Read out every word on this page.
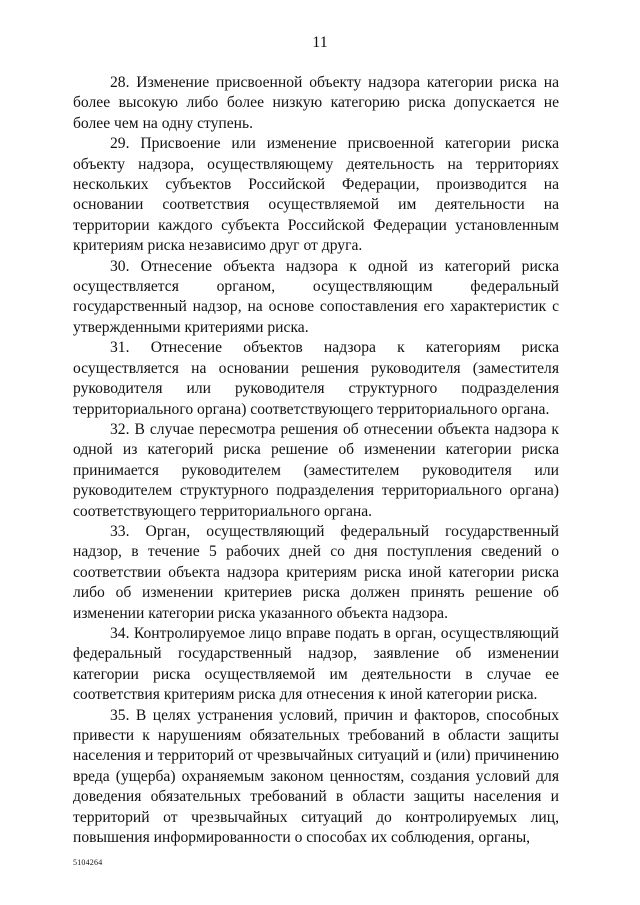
11

28. Изменение присвоенной объекту надзора категории риска на более высокую либо более низкую категорию риска допускается не более чем на одну ступень.

29. Присвоение или изменение присвоенной категории риска объекту надзора, осуществляющему деятельность на территориях нескольких субъектов Российской Федерации, производится на основании соответствия осуществляемой им деятельности на территории каждого субъекта Российской Федерации установленным критериям риска независимо друг от друга.

30. Отнесение объекта надзора к одной из категорий риска осуществляется органом, осуществляющим федеральный государственный надзор, на основе сопоставления его характеристик с утвержденными критериями риска.

31. Отнесение объектов надзора к категориям риска осуществляется на основании решения руководителя (заместителя руководителя или руководителя структурного подразделения территориального органа) соответствующего территориального органа.

32. В случае пересмотра решения об отнесении объекта надзора к одной из категорий риска решение об изменении категории риска принимается руководителем (заместителем руководителя или руководителем структурного подразделения территориального органа) соответствующего территориального органа.

33. Орган, осуществляющий федеральный государственный надзор, в течение 5 рабочих дней со дня поступления сведений о соответствии объекта надзора критериям риска иной категории риска либо об изменении критериев риска должен принять решение об изменении категории риска указанного объекта надзора.

34. Контролируемое лицо вправе подать в орган, осуществляющий федеральный государственный надзор, заявление об изменении категории риска осуществляемой им деятельности в случае ее соответствия критериям риска для отнесения к иной категории риска.

35. В целях устранения условий, причин и факторов, способных привести к нарушениям обязательных требований в области защиты населения и территорий от чрезвычайных ситуаций и (или) причинению вреда (ущерба) охраняемым законом ценностям, создания условий для доведения обязательных требований в области защиты населения и территорий от чрезвычайных ситуаций до контролируемых лиц, повышения информированности о способах их соблюдения, органы,

5104264
